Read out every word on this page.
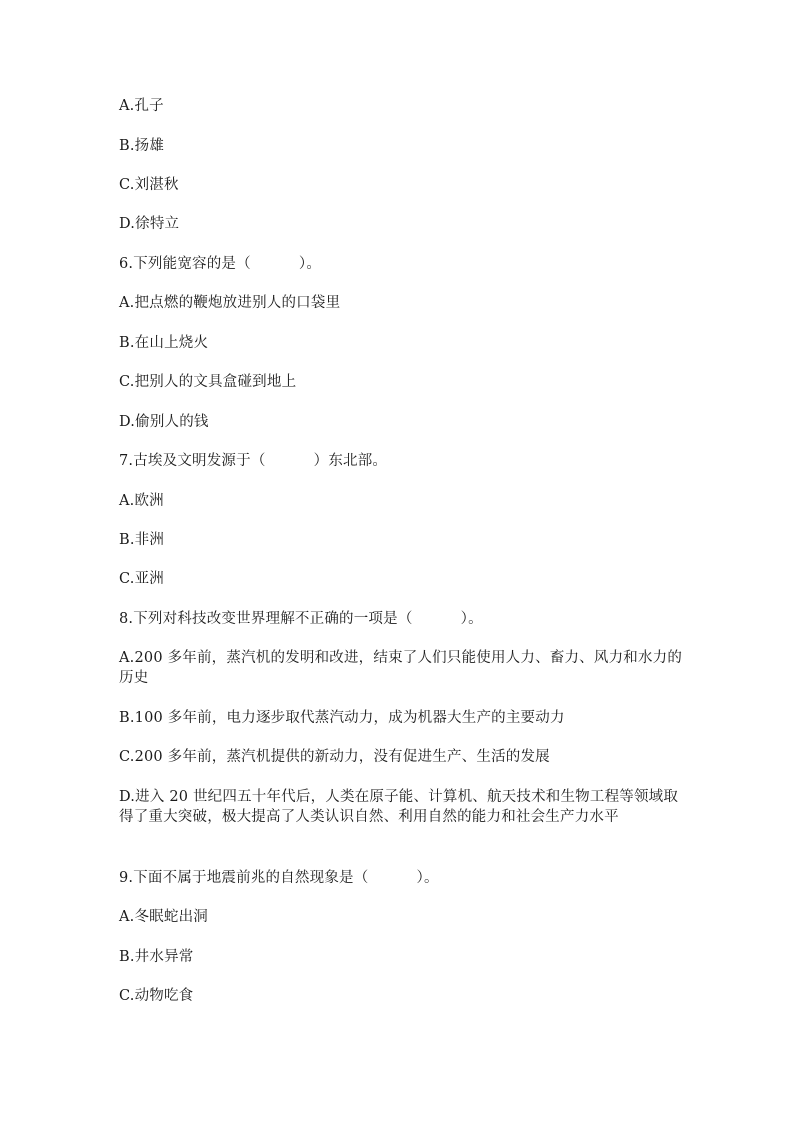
A.孔子
B.扬雄
C.刘湛秋
D.徐特立
6.下列能宽容的是（          ）。
A.把点燃的鞭炮放进别人的口袋里
B.在山上烧火
C.把别人的文具盒碰到地上
D.偷别人的钱
7.古埃及文明发源于（          ）东北部。
A.欧洲
B.非洲
C.亚洲
8.下列对科技改变世界理解不正确的一项是（          ）。
A.200 多年前，蒸汽机的发明和改进，结束了人们只能使用人力、畜力、风力和水力的历史
B.100 多年前，电力逐步取代蒸汽动力，成为机器大生产的主要动力
C.200 多年前，蒸汽机提供的新动力，没有促进生产、生活的发展
D.进入 20 世纪四五十年代后，人类在原子能、计算机、航天技术和生物工程等领域取得了重大突破，极大提高了人类认识自然、利用自然的能力和社会生产力水平
9.下面不属于地震前兆的自然现象是（          ）。
A.冬眠蛇出洞
B.井水异常
C.动物吃食
